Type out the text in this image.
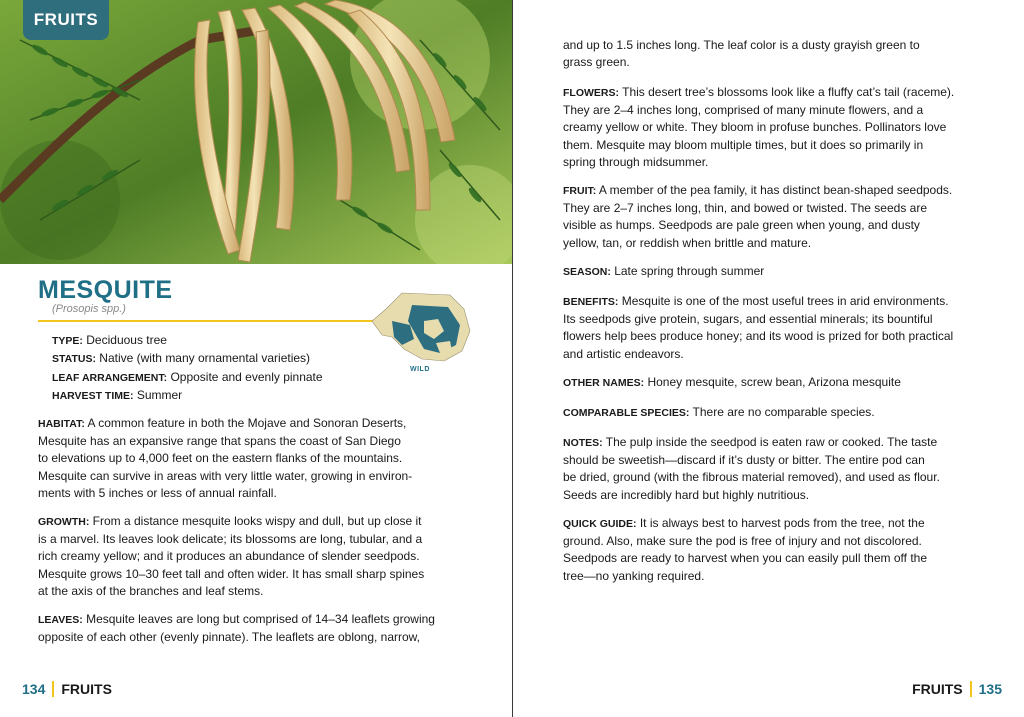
FRUITS
MESQUITE
(Prosopis spp.)
WILD
TYPE: Deciduous tree
STATUS: Native (with many ornamental varieties)
LEAF ARRANGEMENT: Opposite and evenly pinnate
HARVEST TIME: Summer
HABITAT: A common feature in both the Mojave and Sonoran Deserts,
Mesquite has an expansive range that spans the coast of San Diego
to elevations up to 4,000 feet on the eastern flanks of the mountains.
Mesquite can survive in areas with very little water, growing in environ-
ments with 5 inches or less of annual rainfall.
GROWTH: From a distance mesquite looks wispy and dull, but up close it
is a marvel. Its leaves look delicate; its blossoms are long, tubular, and a
rich creamy yellow; and it produces an abundance of slender seedpods.
Mesquite grows 10–30 feet tall and often wider. It has small sharp spines
at the axis of the branches and leaf stems.
LEAVES: Mesquite leaves are long but comprised of 14–34 leaflets growing
opposite of each other (evenly pinnate). The leaflets are oblong, narrow,
134 FRUITS
and up to 1.5 inches long. The leaf color is a dusty grayish green to
grass green.
FLOWERS: This desert tree’s blossoms look like a fluffy cat’s tail (raceme).
They are 2–4 inches long, comprised of many minute flowers, and a
creamy yellow or white. They bloom in profuse bunches. Pollinators love
them. Mesquite may bloom multiple times, but it does so primarily in
spring through midsummer.
FRUIT: A member of the pea family, it has distinct bean-shaped seedpods.
They are 2–7 inches long, thin, and bowed or twisted. The seeds are
visible as humps. Seedpods are pale green when young, and dusty
yellow, tan, or reddish when brittle and mature.
SEASON: Late spring through summer
BENEFITS: Mesquite is one of the most useful trees in arid environments.
Its seedpods give protein, sugars, and essential minerals; its bountiful
flowers help bees produce honey; and its wood is prized for both practical
and artistic endeavors.
OTHER NAMES: Honey mesquite, screw bean, Arizona mesquite
COMPARABLE SPECIES: There are no comparable species.
NOTES: The pulp inside the seedpod is eaten raw or cooked. The taste
should be sweetish—discard if it’s dusty or bitter. The entire pod can
be dried, ground (with the fibrous material removed), and used as flour.
Seeds are incredibly hard but highly nutritious.
QUICK GUIDE: It is always best to harvest pods from the tree, not the
ground. Also, make sure the pod is free of injury and not discolored.
Seedpods are ready to harvest when you can easily pull them off the
tree—no yanking required.
FRUITS 135
